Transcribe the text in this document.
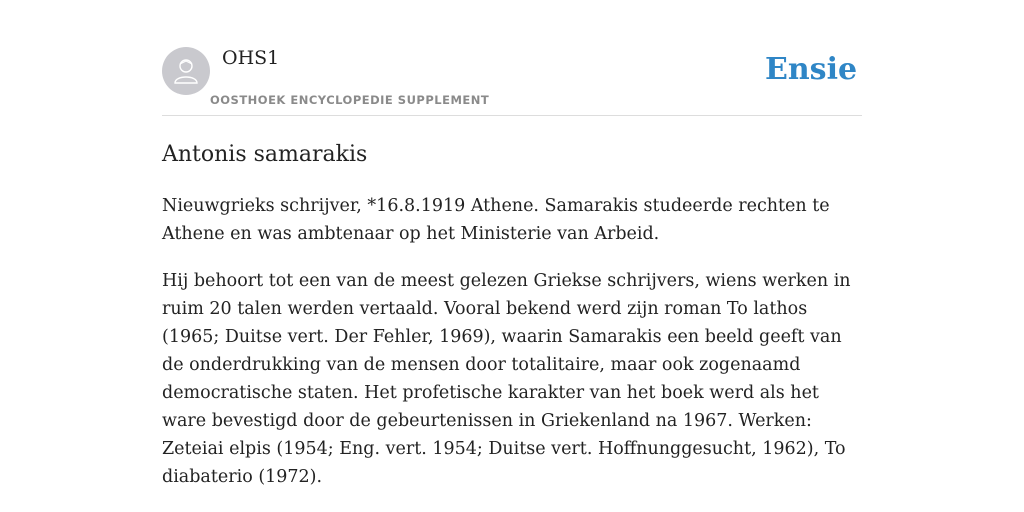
OHS1
OOSTHOEK ENCYCLOPEDIE SUPPLEMENT
Ensie
Antonis samarakis

Nieuwgrieks schrijver, *16.8.1919 Athene. Samarakis studeerde rechten te Athene en was ambtenaar op het Ministerie van Arbeid.

Hij behoort tot een van de meest gelezen Griekse schrijvers, wiens werken in ruim 20 talen werden vertaald. Vooral bekend werd zijn roman To lathos (1965; Duitse vert. Der Fehler, 1969), waarin Samarakis een beeld geeft van de onderdrukking van de mensen door totalitaire, maar ook zogenaamd democratische staten. Het profetische karakter van het boek werd als het ware bevestigd door de gebeurtenissen in Griekenland na 1967. Werken: Zeteiai elpis (1954; Eng. vert. 1954; Duitse vert. Hoffnunggesucht, 1962), To diabaterio (1972).
